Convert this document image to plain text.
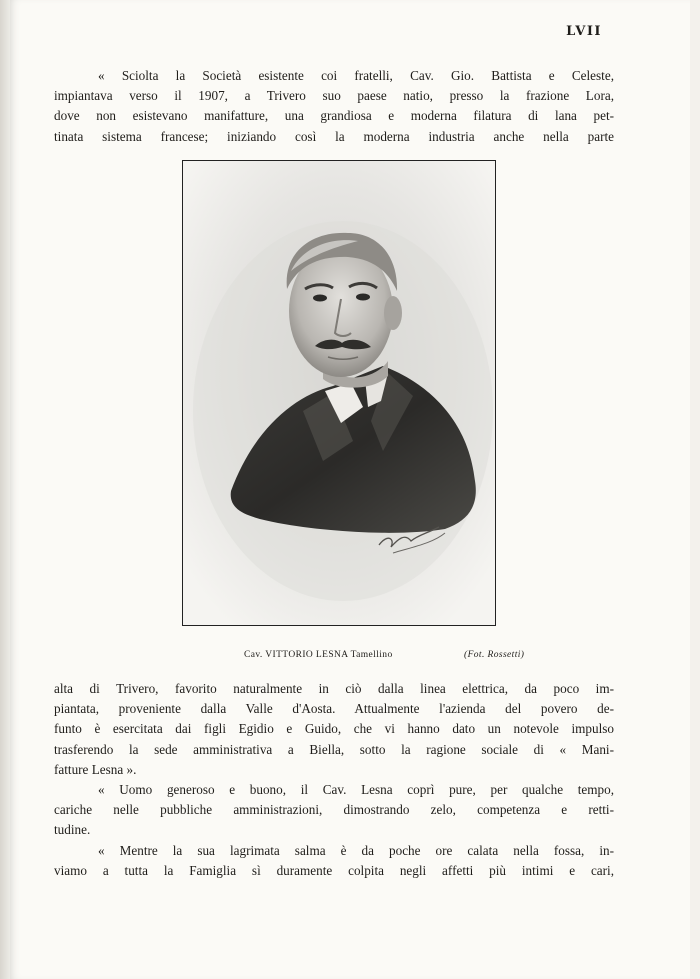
LVII

« Sciolta la Società esistente coi fratelli, Cav. Gio. Battista e Celeste,
impiantava verso il 1907, a Trivero suo paese natio, presso la frazione Lora,
dove non esistevano manifatture, una grandiosa e moderna filatura di lana pet-
tinata sistema francese; iniziando così la moderna industria anche nella parte

Cav. VITTORIO LESNA Tamellino	(Fot. Rossetti)

alta di Trivero, favorito naturalmente in ciò dalla linea elettrica, da poco im-
piantata, proveniente dalla Valle d'Aosta. Attualmente l'azienda del povero de-
funto è esercitata dai figli Egidio e Guido, che vi hanno dato un notevole impulso
trasferendo la sede amministrativa a Biella, sotto la ragione sociale di « Mani-
fatture Lesna ».
« Uomo generoso e buono, il Cav. Lesna coprì pure, per qualche tempo,
cariche nelle pubbliche amministrazioni, dimostrando zelo, competenza e retti-
tudine.
« Mentre la sua lagrimata salma è da poche ore calata nella fossa, in-
viamo a tutta la Famiglia sì duramente colpita negli affetti più intimi e cari,
